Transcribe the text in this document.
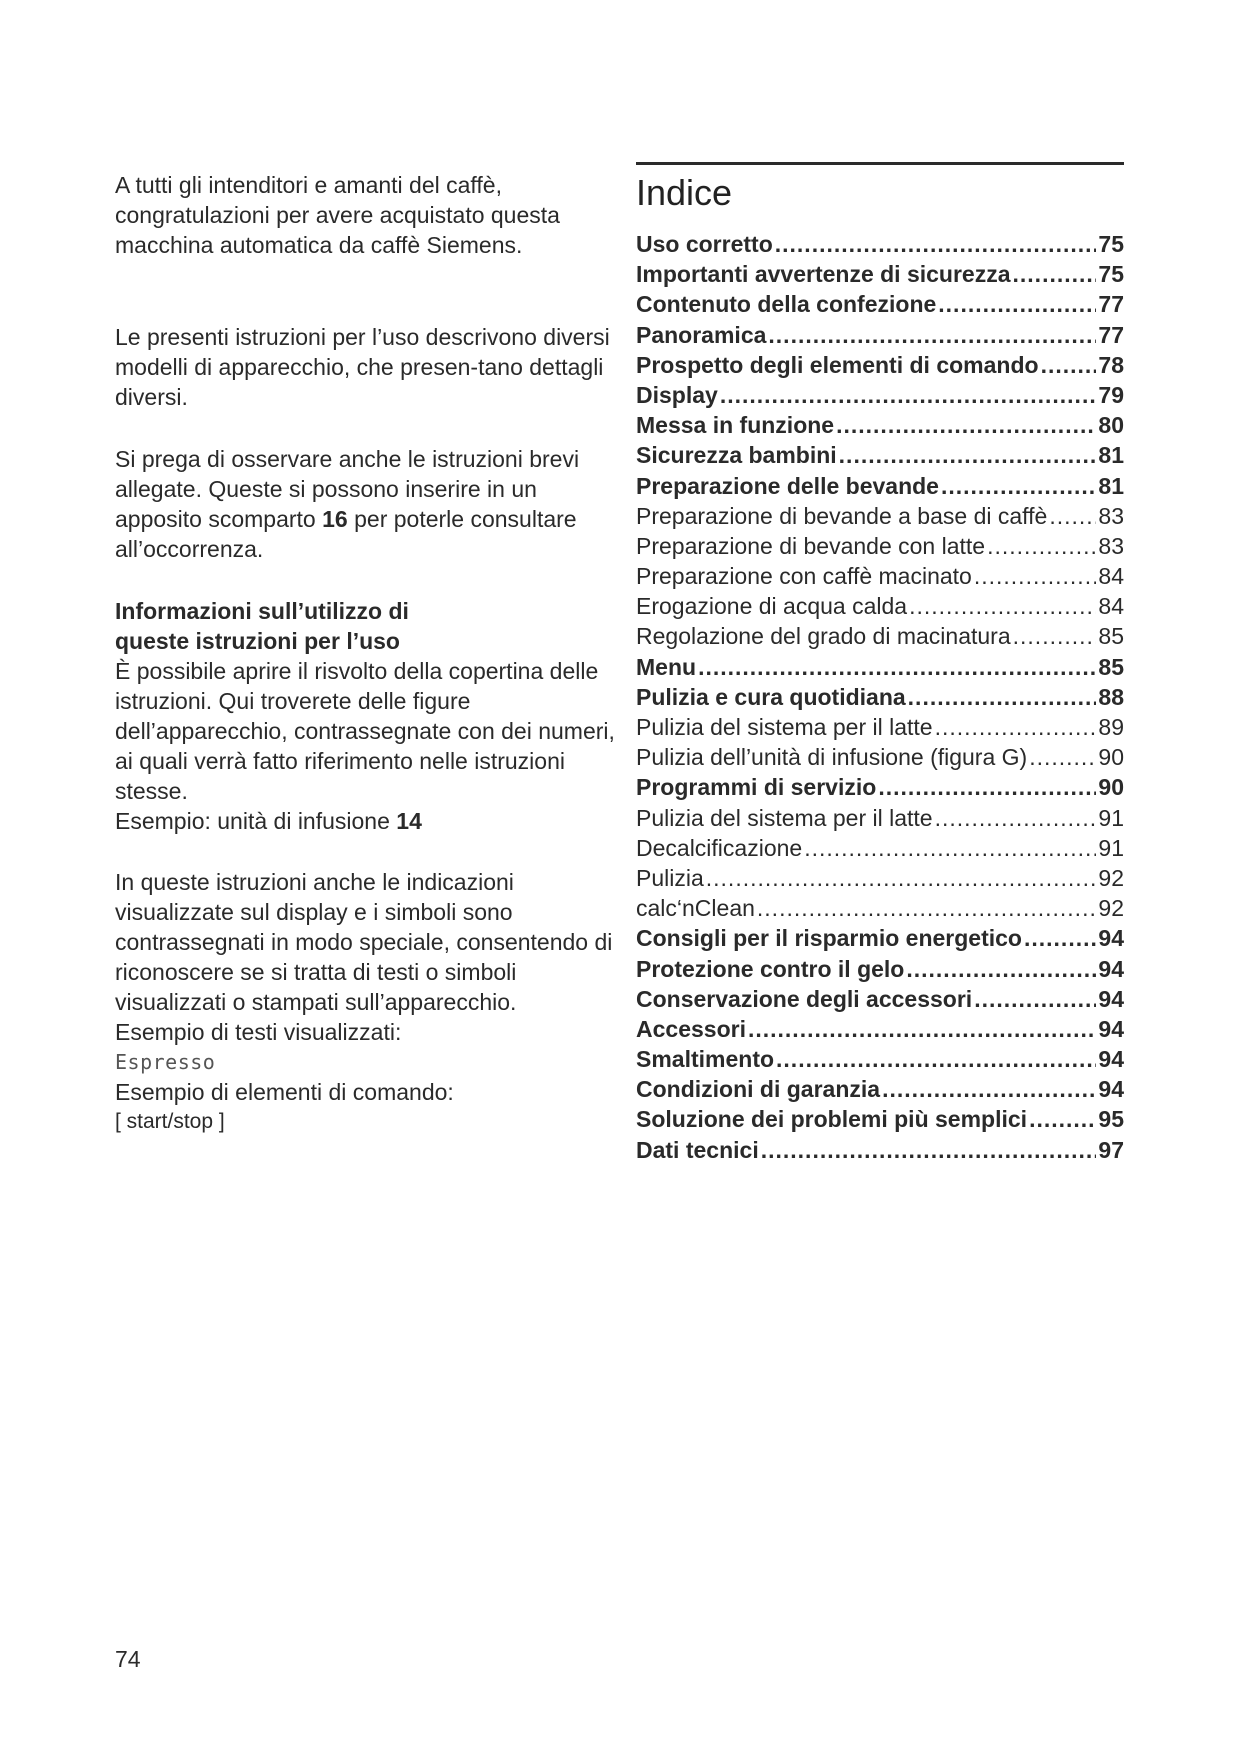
A tutti gli intenditori e amanti del caffè, congratulazioni per avere acquistato questa macchina automatica da caffè Siemens.

Le presenti istruzioni per l’uso descrivono diversi modelli di apparecchio, che presen-tano dettagli diversi.

Si prega di osservare anche le istruzioni brevi allegate. Queste si possono inserire in un apposito scomparto 16 per poterle consultare all’occorrenza.

Informazioni sull’utilizzo di
queste istruzioni per l’uso

È possibile aprire il risvolto della copertina delle istruzioni. Qui troverete delle figure dell’apparecchio, contrassegnate con dei numeri, ai quali verrà fatto riferimento nelle istruzioni stesse.
Esempio: unità di infusione 14

In queste istruzioni anche le indicazioni visualizzate sul display e i simboli sono contrassegnati in modo speciale, consentendo di riconoscere se si tratta di testi o simboli visualizzati o stampati sull’apparecchio.
Esempio di testi visualizzati:
Espresso
Esempio di elementi di comando:
[ start/stop ]

Indice
Uso corretto .....	75
Importanti avvertenze di sicurezza .....	75
Contenuto della confezione .....	77
Panoramica .....	77
Prospetto degli elementi di comando .....	78
Display .....	79
Messa in funzione .....	80
Sicurezza bambini .....	81
Preparazione delle bevande .....	81
Preparazione di bevande a base di caffè ..... 83
Preparazione di bevande con latte .....	83
Preparazione con caffè macinato .....	84
Erogazione di acqua calda .....	84
Regolazione del grado di macinatura .....	85
Menu .....	85
Pulizia e cura quotidiana .....	88
Pulizia del sistema per il latte .....	89
Pulizia dell’unità di infusione (figura G) .....	90
Programmi di servizio .....	90
Pulizia del sistema per il latte .....	91
Decalcificazione .....	91
Pulizia .....	92
calc‘nClean .....	92
Consigli per il risparmio energetico .....	94
Protezione contro il gelo .....	94
Conservazione degli accessori .....	94
Accessori .....	94
Smaltimento .....	94
Condizioni di garanzia .....	94
Soluzione dei problemi più semplici .....	95
Dati tecnici .....	97
74
